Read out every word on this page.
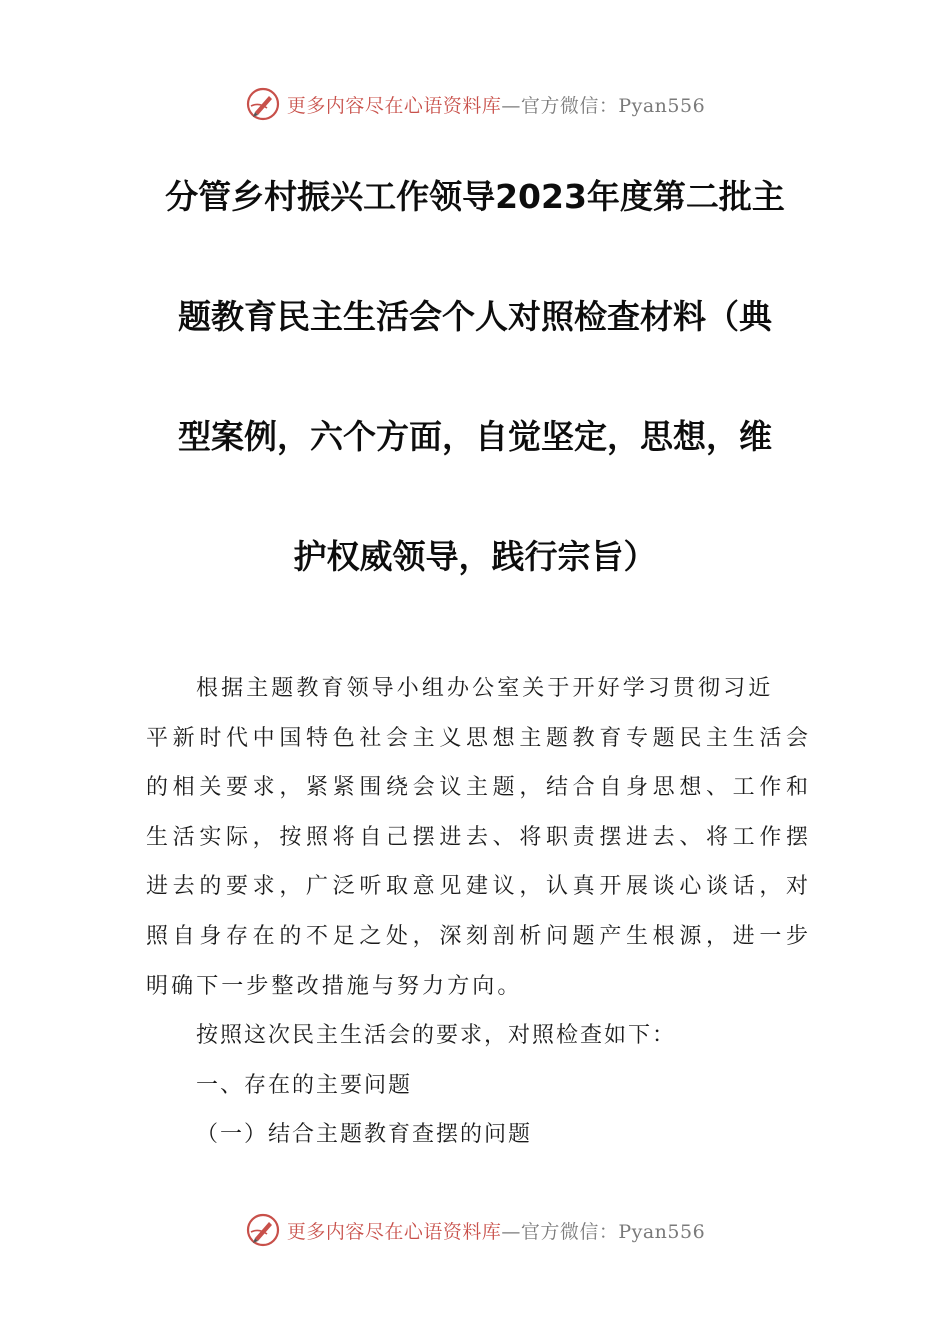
更多内容尽在心语资料库—官方微信：Pyan556
分管乡村振兴工作领导2023年度第二批主
题教育民主生活会个人对照检查材料（典
型案例，六个方面，自觉坚定，思想，维
护权威领导，践行宗旨）
根据主题教育领导小组办公室关于开好学习贯彻习近
平新时代中国特色社会主义思想主题教育专题民主生活会
的相关要求，紧紧围绕会议主题，结合自身思想、工作和
生活实际，按照将自己摆进去、将职责摆进去、将工作摆
进去的要求，广泛听取意见建议，认真开展谈心谈话，对
照自身存在的不足之处，深刻剖析问题产生根源，进一步
明确下一步整改措施与努力方向。
按照这次民主生活会的要求，对照检查如下：
一、存在的主要问题
（一）结合主题教育查摆的问题
更多内容尽在心语资料库—官方微信：Pyan556
